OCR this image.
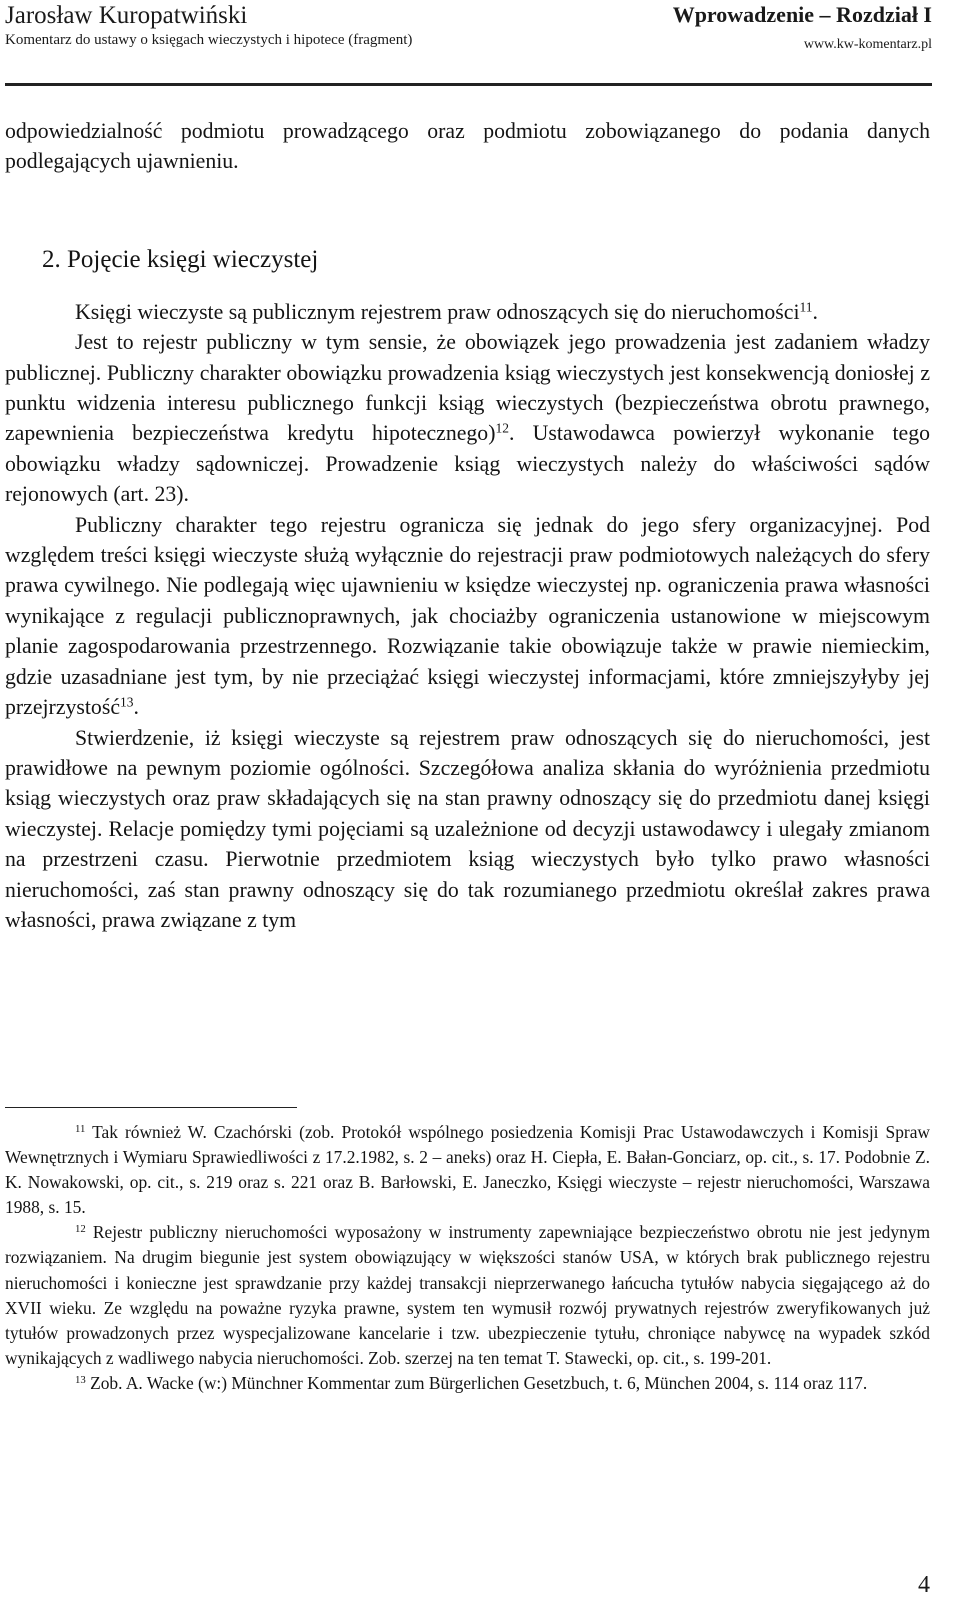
Jarosław Kuropatwiński
Komentarz do ustawy o księgach wieczystych i hipotece (fragment)
Wprowadzenie – Rozdział I
www.kw-komentarz.pl

odpowiedzialność podmiotu prowadzącego oraz podmiotu zobowiązanego do podania danych podlegających ujawnieniu.

2. Pojęcie księgi wieczystej

Księgi wieczyste są publicznym rejestrem praw odnoszących się do nieruchomości$^{11}$.

Jest to rejestr publiczny w tym sensie, że obowiązek jego prowadzenia jest zadaniem władzy publicznej. Publiczny charakter obowiązku prowadzenia ksiąg wieczystych jest konsekwencją doniosłej z punktu widzenia interesu publicznego funkcji ksiąg wieczystych (bezpieczeństwa obrotu prawnego, zapewnienia bezpieczeństwa kredytu hipotecznego)$^{12}$. Ustawodawca powierzył wykonanie tego obowiązku władzy sądowniczej. Prowadzenie ksiąg wieczystych należy do właściwości sądów rejonowych (art. 23).

Publiczny charakter tego rejestru ogranicza się jednak do jego sfery organizacyjnej. Pod względem treści księgi wieczyste służą wyłącznie do rejestracji praw podmiotowych należących do sfery prawa cywilnego. Nie podlegają więc ujawnieniu w księdze wieczystej np. ograniczenia prawa własności wynikające z regulacji publicznoprawnych, jak chociażby ograniczenia ustanowione w miejscowym planie zagospodarowania przestrzennego. Rozwiązanie takie obowiązuje także w prawie niemieckim, gdzie uzasadniane jest tym, by nie przeciążać księgi wieczystej informacjami, które zmniejszyłyby jej przejrzystość$^{13}$.

Stwierdzenie, iż księgi wieczyste są rejestrem praw odnoszących się do nieruchomości, jest prawidłowe na pewnym poziomie ogólności. Szczegółowa analiza skłania do wyróżnienia przedmiotu ksiąg wieczystych oraz praw składających się na stan prawny odnoszący się do przedmiotu danej księgi wieczystej. Relacje pomiędzy tymi pojęciami są uzależnione od decyzji ustawodawcy i ulegały zmianom na przestrzeni czasu. Pierwotnie przedmiotem ksiąg wieczystych było tylko prawo własności nieruchomości, zaś stan prawny odnoszący się do tak rozumianego przedmiotu określał zakres prawa własności, prawa związane z tym

$^{11}$ Tak również W. Czachórski (zob. Protokół wspólnego posiedzenia Komisji Prac Ustawodawczych i Komisji Spraw Wewnętrznych i Wymiaru Sprawiedliwości z 17.2.1982, s. 2 – aneks) oraz H. Ciepła, E. Bałan-Gonciarz, op. cit., s. 17. Podobnie Z. K. Nowakowski, op. cit., s. 219 oraz s. 221 oraz B. Barłowski, E. Janeczko, Księgi wieczyste – rejestr nieruchomości, Warszawa 1988, s. 15.

$^{12}$ Rejestr publiczny nieruchomości wyposażony w instrumenty zapewniające bezpieczeństwo obrotu nie jest jedynym rozwiązaniem. Na drugim biegunie jest system obowiązujący w większości stanów USA, w których brak publicznego rejestru nieruchomości i konieczne jest sprawdzanie przy każdej transakcji nieprzerwanego łańcucha tytułów nabycia sięgającego aż do XVII wieku. Ze względu na poważne ryzyka prawne, system ten wymusił rozwój prywatnych rejestrów zweryfikowanych już tytułów prowadzonych przez wyspecjalizowane kancelarie i tzw. ubezpieczenie tytułu, chroniące nabywcę na wypadek szkód wynikających z wadliwego nabycia nieruchomości. Zob. szerzej na ten temat T. Stawecki, op. cit., s. 199-201.

$^{13}$ Zob. A. Wacke (w:) Münchner Kommentar zum Bürgerlichen Gesetzbuch, t. 6, München 2004, s. 114 oraz 117.

4
